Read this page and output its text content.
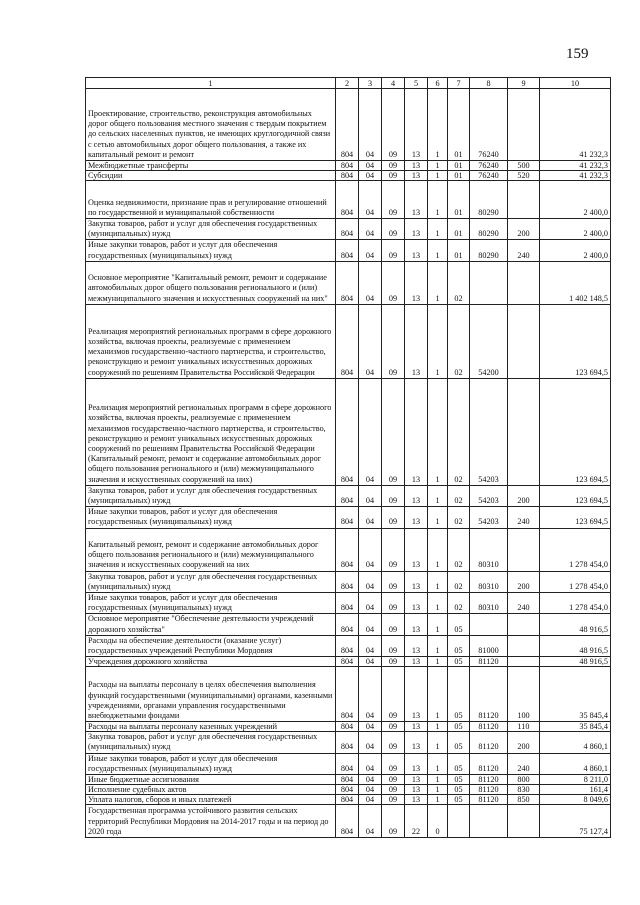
159
1	2	3	4	5	6	7	8	9	10
Проектирование, строительство, реконструкция автомобильных дорог общего пользования местного значения с твердым покрытием до сельских населенных пунктов, не имеющих круглогодичной связи с сетью автомобильных дорог общего пользования, а также их капитальный ремонт и ремонт	804	04	09	13	1	01	76240		41 232,3
Межбюджетные трансферты	804	04	09	13	1	01	76240	500	41 232,3
Субсидии	804	04	09	13	1	01	76240	520	41 232,3
Оценка недвижимости, признание прав и регулирование отношений по государственной и муниципальной собственности	804	04	09	13	1	01	80290		2 400,0
Закупка товаров, работ и услуг для обеспечения государственных (муниципальных) нужд	804	04	09	13	1	01	80290	200	2 400,0
Иные закупки товаров, работ и услуг для обеспечения государственных (муниципальных) нужд	804	04	09	13	1	01	80290	240	2 400,0
Основное мероприятие "Капитальный ремонт, ремонт и содержание автомобильных дорог общего пользования регионального и (или) межмуниципального значения и искусственных сооружений на них"	804	04	09	13	1	02			1 402 148,5
Реализация мероприятий региональных программ в сфере дорожного хозяйства, включая проекты, реализуемые с применением механизмов государственно-частного партнерства, и строительство, реконструкцию и ремонт уникальных искусственных дорожных сооружений по решениям Правительства Российской Федерации	804	04	09	13	1	02	54200		123 694,5
Реализация мероприятий региональных программ в сфере дорожного хозяйства, включая проекты, реализуемые с применением механизмов государственно-частного партнерства, и строительство, реконструкцию и ремонт уникальных искусственных дорожных сооружений по решениям Правительства Российской Федерации (Капитальный ремонт, ремонт и содержание автомобильных дорог общего пользования регионального и (или) межмуниципального значения и искусственных сооружений на них)	804	04	09	13	1	02	54203		123 694,5
Закупка товаров, работ и услуг для обеспечения государственных (муниципальных) нужд	804	04	09	13	1	02	54203	200	123 694,5
Иные закупки товаров, работ и услуг для обеспечения государственных (муниципальных) нужд	804	04	09	13	1	02	54203	240	123 694,5
Капитальный ремонт, ремонт и содержание автомобильных дорог общего пользования регионального и (или) межмуниципального значения и искусственных сооружений на них	804	04	09	13	1	02	80310		1 278 454,0
Закупка товаров, работ и услуг для обеспечения государственных (муниципальных) нужд	804	04	09	13	1	02	80310	200	1 278 454,0
Иные закупки товаров, работ и услуг для обеспечения государственных (муниципальных) нужд	804	04	09	13	1	02	80310	240	1 278 454,0
Основное мероприятие "Обеспечение деятельности учреждений дорожного хозяйства"	804	04	09	13	1	05			48 916,5
Расходы на обеспечение деятельности (оказание услуг) государственных учреждений Республики Мордовия	804	04	09	13	1	05	81000		48 916,5
Учреждения дорожного хозяйства	804	04	09	13	1	05	81120		48 916,5
Расходы на выплаты персоналу в целях обеспечения выполнения функций государственными (муниципальными) органами, казенными учреждениями, органами управления государственными внебюджетными фондами	804	04	09	13	1	05	81120	100	35 845,4
Расходы на выплаты персоналу казенных учреждений	804	04	09	13	1	05	81120	110	35 845,4
Закупка товаров, работ и услуг для обеспечения государственных (муниципальных) нужд	804	04	09	13	1	05	81120	200	4 860,1
Иные закупки товаров, работ и услуг для обеспечения государственных (муниципальных) нужд	804	04	09	13	1	05	81120	240	4 860,1
Иные бюджетные ассигнования	804	04	09	13	1	05	81120	800	8 211,0
Исполнение судебных актов	804	04	09	13	1	05	81120	830	161,4
Уплата налогов, сборов и иных платежей	804	04	09	13	1	05	81120	850	8 049,6
Государственная программа устойчивого развития сельских территорий Республики Мордовия на 2014-2017 годы и на период до 2020 года	804	04	09	22	0				75 127,4
